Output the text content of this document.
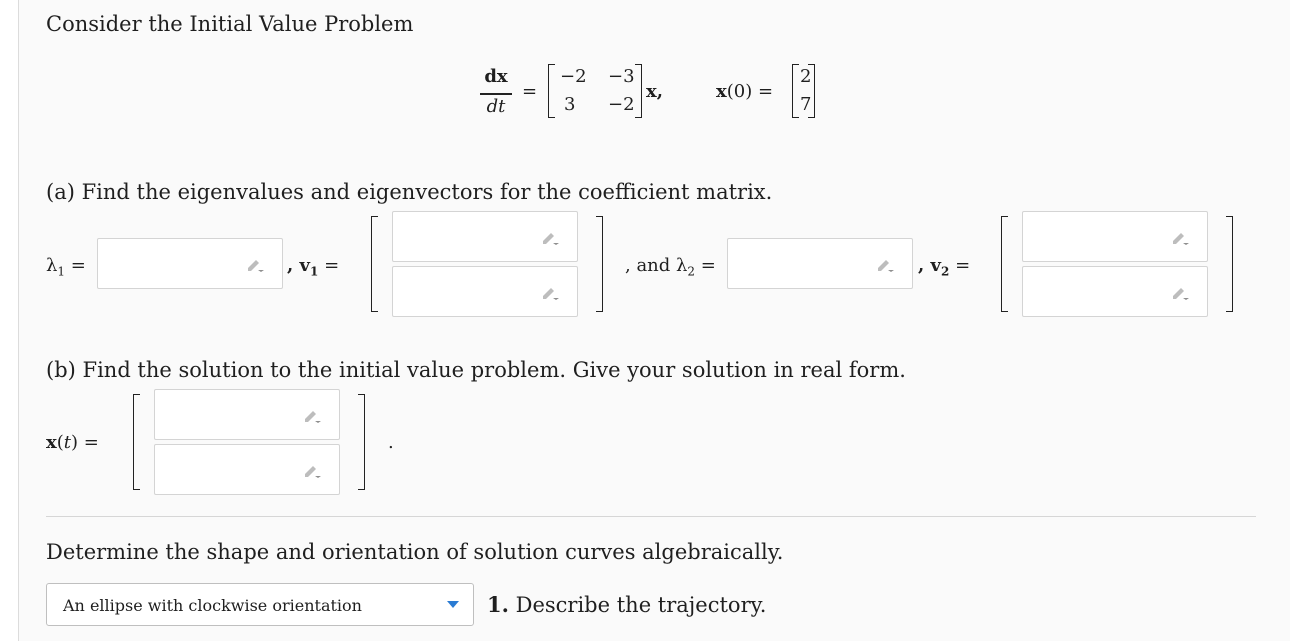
Consider the Initial Value Problem
dx
dt
=
−2 −3
3 −2
x,	x(0) =
2
7
(a) Find the eigenvalues and eigenvectors for the coefficient matrix.
$\lambda_1$ =	, $v_1$ =	, and $\lambda_2$ =	, $v_2$ =
(b) Find the solution to the initial value problem. Give your solution in real form.
x(t) =	.
Determine the shape and orientation of solution curves algebraically.
An ellipse with clockwise orientation	1. Describe the trajectory.
